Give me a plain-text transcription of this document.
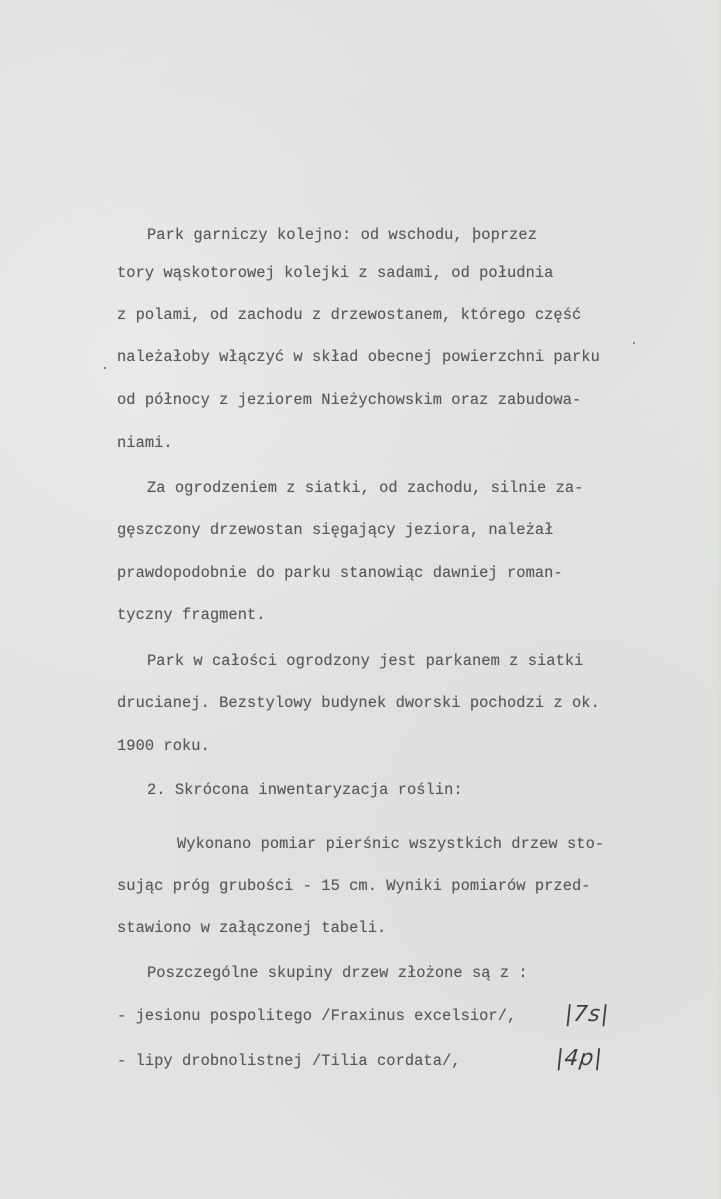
Park garniczy kolejno: od wschodu, þoprzez
tory wąskotorowej kolejki z sadami, od południa
z polami, od zachodu z drzewostanem, którego część
należałoby włączyć w skład obecnej powierzchni parku
od północy z jeziorem Nieżychowskim oraz zabudowa-
niami.
Za ogrodzeniem z siatki, od zachodu, silnie za-
gęszczony drzewostan sięgający jeziora, należał
prawdopodobnie do parku stanowiąc dawniej roman-
tyczny fragment.
Park w całości ogrodzony jest parkanem z siatki
drucianej. Bezstylowy budynek dworski pochodzi z ok.
1900 roku.
2. Skrócona inwentaryzacja roślin:
Wykonano pomiar pierśnic wszystkich drzew sto-
sując próg grubości - 15 cm. Wyniki pomiarów przed-
stawiono w załączonej tabeli.
Poszczególne skupiny drzew złożone są z :
- jesionu pospolitego /Fraxinus excelsior/,
- lipy drobnolistnej /Tilia cordata/,
|7s|
|4p|
